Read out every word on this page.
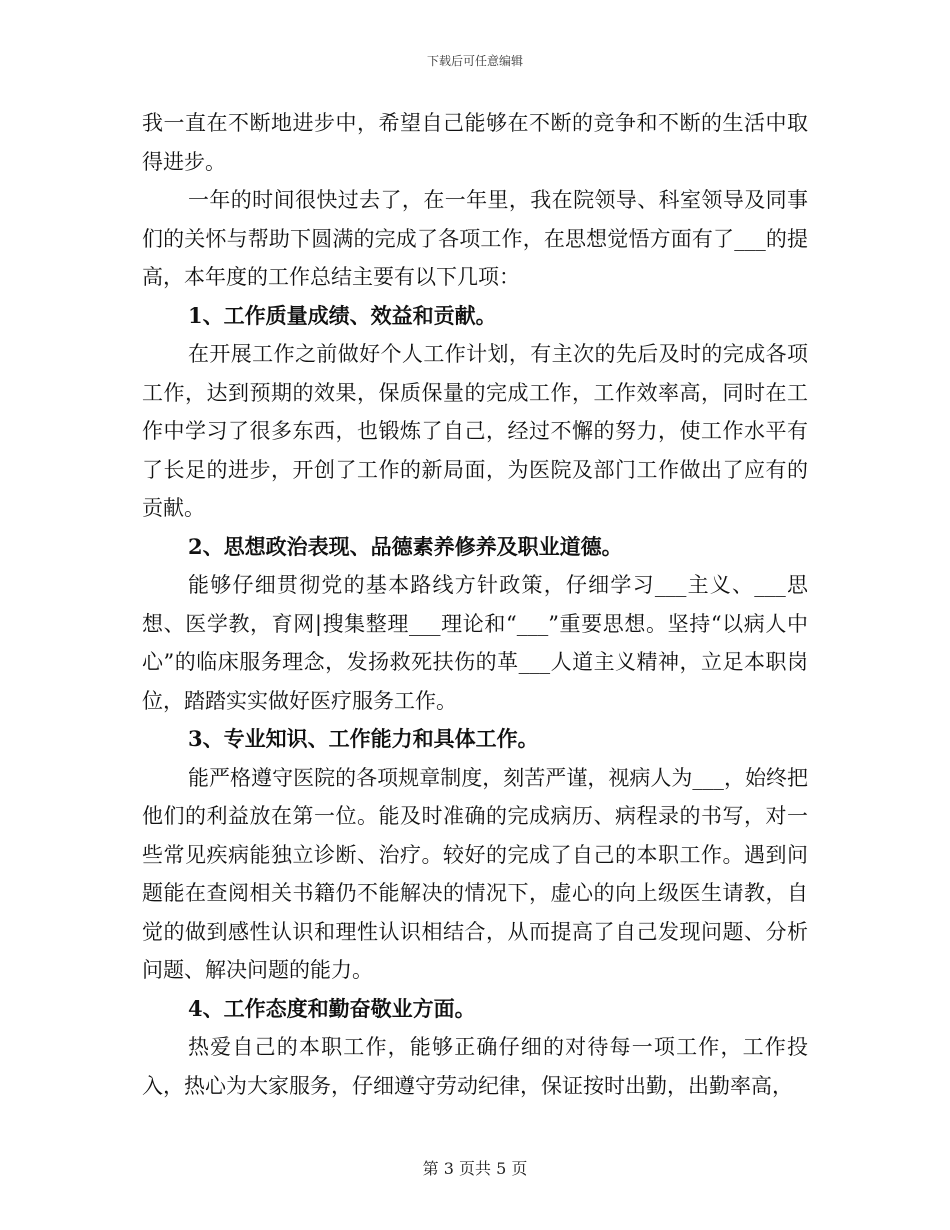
下载后可任意编辑

我一直在不断地进步中，希望自己能够在不断的竞争和不断的生活中取得进步。

一年的时间很快过去了，在一年里，我在院领导、科室领导及同事们的关怀与帮助下圆满的完成了各项工作，在思想觉悟方面有了___的提高，本年度的工作总结主要有以下几项：

1、工作质量成绩、效益和贡献。

在开展工作之前做好个人工作计划，有主次的先后及时的完成各项工作，达到预期的效果，保质保量的完成工作，工作效率高，同时在工作中学习了很多东西，也锻炼了自己，经过不懈的努力，使工作水平有了长足的进步，开创了工作的新局面，为医院及部门工作做出了应有的贡献。

2、思想政治表现、品德素养修养及职业道德。

能够仔细贯彻党的基本路线方针政策，仔细学习___主义、___思想、医学教，育网|搜集整理___理论和“___”重要思想。坚持“以病人中心”的临床服务理念，发扬救死扶伤的革___人道主义精神，立足本职岗位，踏踏实实做好医疗服务工作。

3、专业知识、工作能力和具体工作。

能严格遵守医院的各项规章制度，刻苦严谨，视病人为___，始终把他们的利益放在第一位。能及时准确的完成病历、病程录的书写，对一些常见疾病能独立诊断、治疗。较好的完成了自己的本职工作。遇到问题能在查阅相关书籍仍不能解决的情况下，虚心的向上级医生请教，自觉的做到感性认识和理性认识相结合，从而提高了自己发现问题、分析问题、解决问题的能力。

4、工作态度和勤奋敬业方面。

热爱自己的本职工作，能够正确仔细的对待每一项工作，工作投入，热心为大家服务，仔细遵守劳动纪律，保证按时出勤，出勤率高，

第 3 页共 5 页
